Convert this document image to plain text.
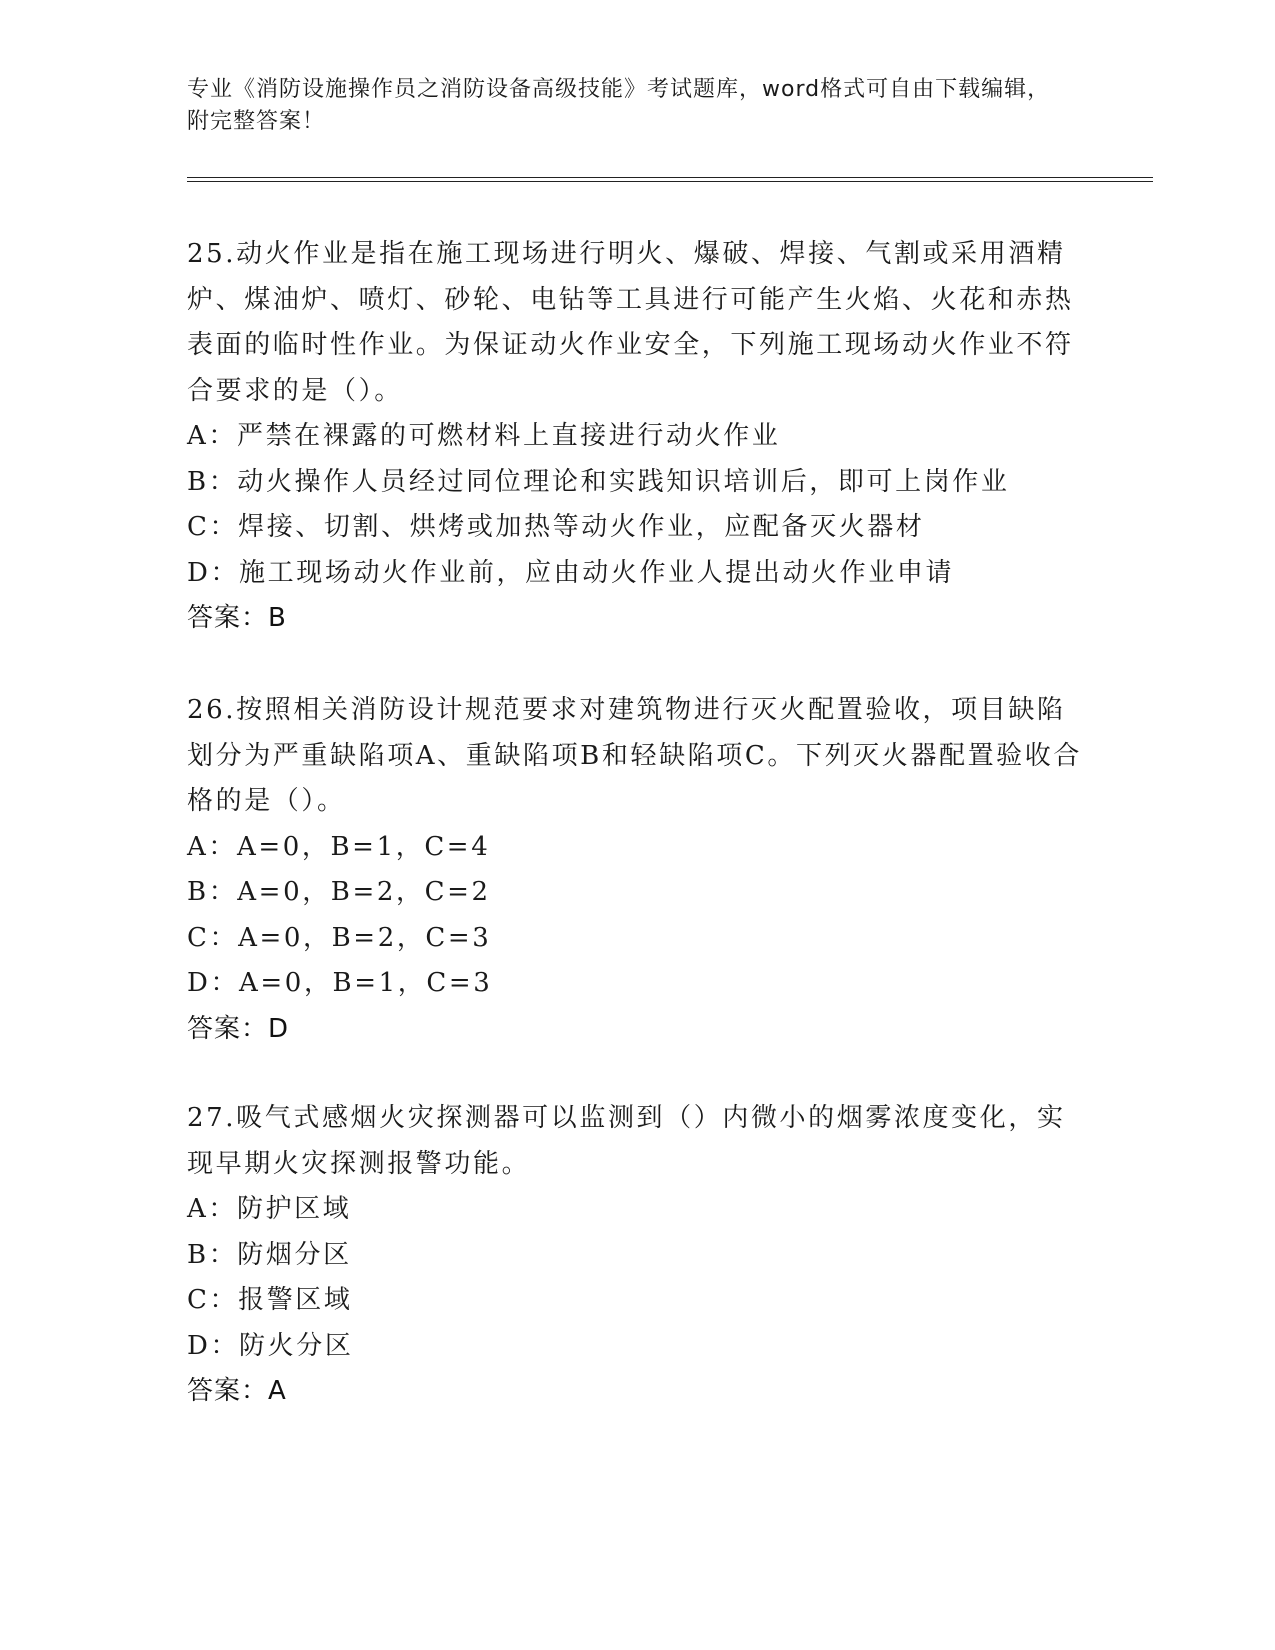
专业《消防设施操作员之消防设备高级技能》考试题库，word格式可自由下载编辑，附完整答案！

25.动火作业是指在施工现场进行明火、爆破、焊接、气割或采用酒精炉、煤油炉、喷灯、砂轮、电钻等工具进行可能产生火焰、火花和赤热表面的临时性作业。为保证动火作业安全，下列施工现场动火作业不符合要求的是（）。

A：严禁在裸露的可燃材料上直接进行动火作业

B：动火操作人员经过同位理论和实践知识培训后，即可上岗作业

C：焊接、切割、烘烤或加热等动火作业，应配备灭火器材

D：施工现场动火作业前，应由动火作业人提出动火作业申请

答案：B

26.按照相关消防设计规范要求对建筑物进行灭火配置验收，项目缺陷划分为严重缺陷项A、重缺陷项B和轻缺陷项C。下列灭火器配置验收合格的是（）。

A：A=0，B=1，C=4

B：A=0，B=2，C=2

C：A=0，B=2，C=3

D：A=0，B=1，C=3

答案：D

27.吸气式感烟火灾探测器可以监测到（）内微小的烟雾浓度变化，实现早期火灾探测报警功能。

A：防护区域

B：防烟分区

C：报警区域

D：防火分区

答案：A
